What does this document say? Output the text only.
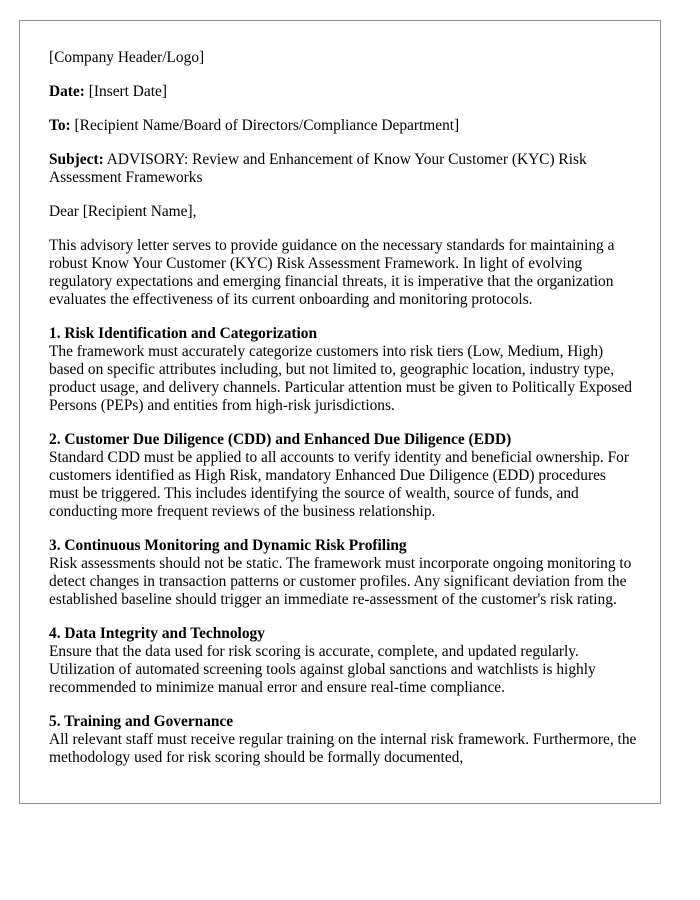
[Company Header/Logo]

Date: [Insert Date]

To: [Recipient Name/Board of Directors/Compliance Department]

Subject: ADVISORY: Review and Enhancement of Know Your Customer (KYC) Risk Assessment Frameworks

Dear [Recipient Name],

This advisory letter serves to provide guidance on the necessary standards for maintaining a robust Know Your Customer (KYC) Risk Assessment Framework. In light of evolving regulatory expectations and emerging financial threats, it is imperative that the organization evaluates the effectiveness of its current onboarding and monitoring protocols.

1. Risk Identification and Categorization
The framework must accurately categorize customers into risk tiers (Low, Medium, High) based on specific attributes including, but not limited to, geographic location, industry type, product usage, and delivery channels. Particular attention must be given to Politically Exposed Persons (PEPs) and entities from high-risk jurisdictions.
2. Customer Due Diligence (CDD) and Enhanced Due Diligence (EDD)
Standard CDD must be applied to all accounts to verify identity and beneficial ownership. For customers identified as High Risk, mandatory Enhanced Due Diligence (EDD) procedures must be triggered. This includes identifying the source of wealth, source of funds, and conducting more frequent reviews of the business relationship.
3. Continuous Monitoring and Dynamic Risk Profiling
Risk assessments should not be static. The framework must incorporate ongoing monitoring to detect changes in transaction patterns or customer profiles. Any significant deviation from the established baseline should trigger an immediate re-assessment of the customer's risk rating.
4. Data Integrity and Technology
Ensure that the data used for risk scoring is accurate, complete, and updated regularly. Utilization of automated screening tools against global sanctions and watchlists is highly recommended to minimize manual error and ensure real-time compliance.
5. Training and Governance
All relevant staff must receive regular training on the internal risk framework. Furthermore, the methodology used for risk scoring should be formally documented,
